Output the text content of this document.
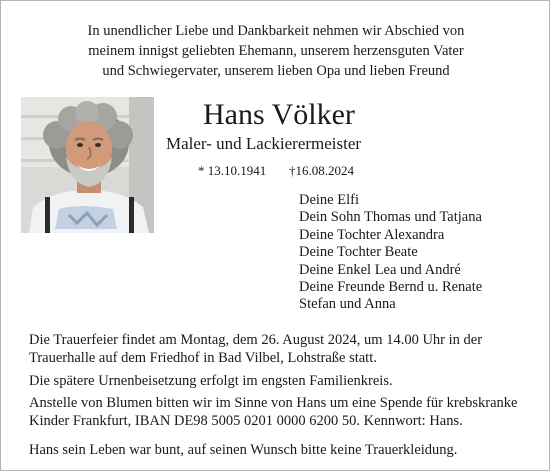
In unendlicher Liebe und Dankbarkeit nehmen wir Abschied von
meinem innigst geliebten Ehemann, unserem herzensguten Vater
und Schwiegervater, unserem lieben Opa und lieben Freund
Hans Völker
Maler- und Lackierermeister
* 13.10.1941 †16.08.2024
Deine Elfi
Dein Sohn Thomas und Tatjana
Deine Tochter Alexandra
Deine Tochter Beate
Deine Enkel Lea und André
Deine Freunde Bernd u. Renate
Stefan und Anna

Die Trauerfeier findet am Montag, dem 26. August 2024, um 14.00 Uhr in der
Trauerhalle auf dem Friedhof in Bad Vilbel, Lohstraße statt.

Die spätere Urnenbeisetzung erfolgt im engsten Familienkreis.

Anstelle von Blumen bitten wir im Sinne von Hans um eine Spende für krebskranke
Kinder Frankfurt, IBAN DE98 5005 0201 0000 6200 50. Kennwort: Hans.

Hans sein Leben war bunt, auf seinen Wunsch bitte keine Trauerkleidung.
